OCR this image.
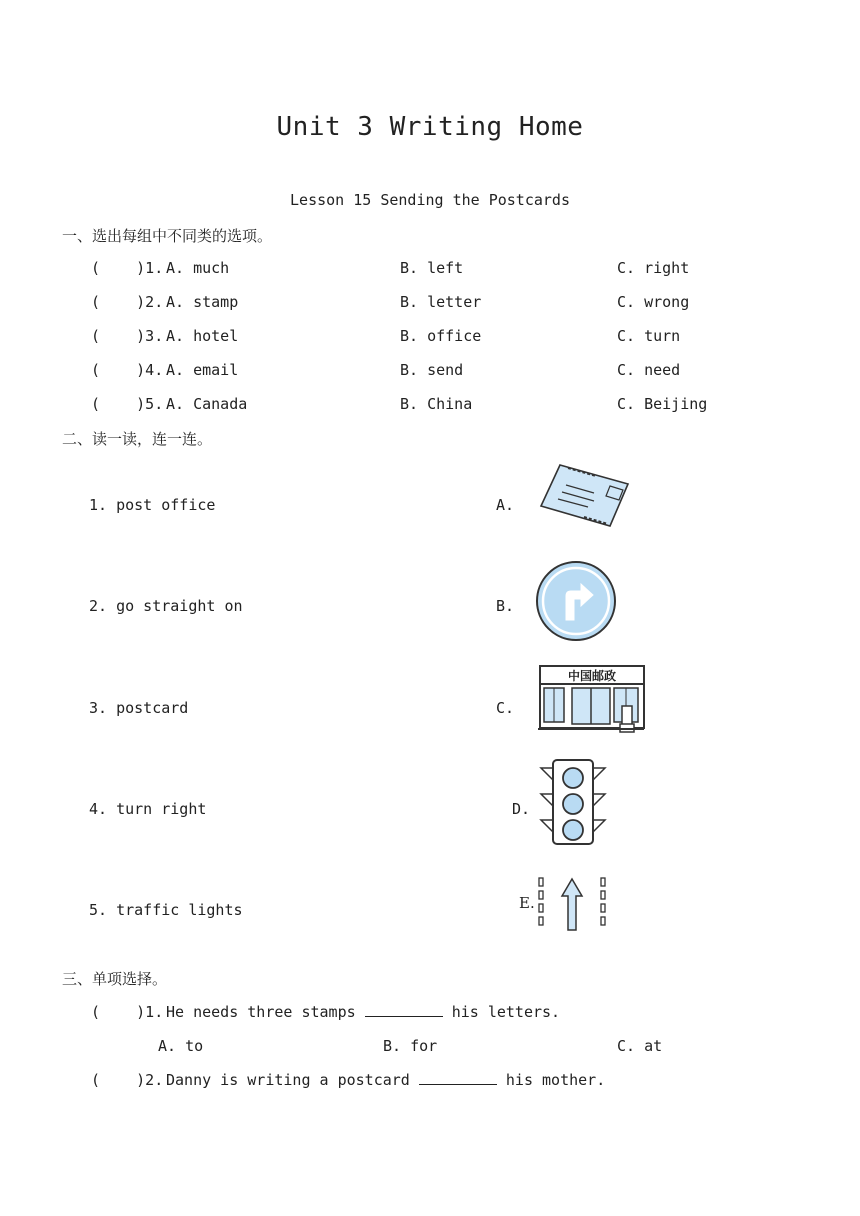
Unit 3 Writing Home
Lesson 15 Sending the Postcards
一、选出每组中不同类的选项。
(    )1. A. much	B. left	C. right
(    )2. A. stamp	B. letter	C. wrong
(    )3. A. hotel	B. office	C. turn
(    )4. A. email	B. send	C. need
(    )5. A. Canada	B. China	C. Beijing
二、读一读，连一连。
1. post office
2. go straight on
3. postcard
4. turn right
5. traffic lights
A.
B.
C.
D.
E.
中国邮政
三、单项选择。
(    )1. He needs three stamps	his letters.
A. to	B. for	C. at
(    )2. Danny is writing a postcard	his mother.
